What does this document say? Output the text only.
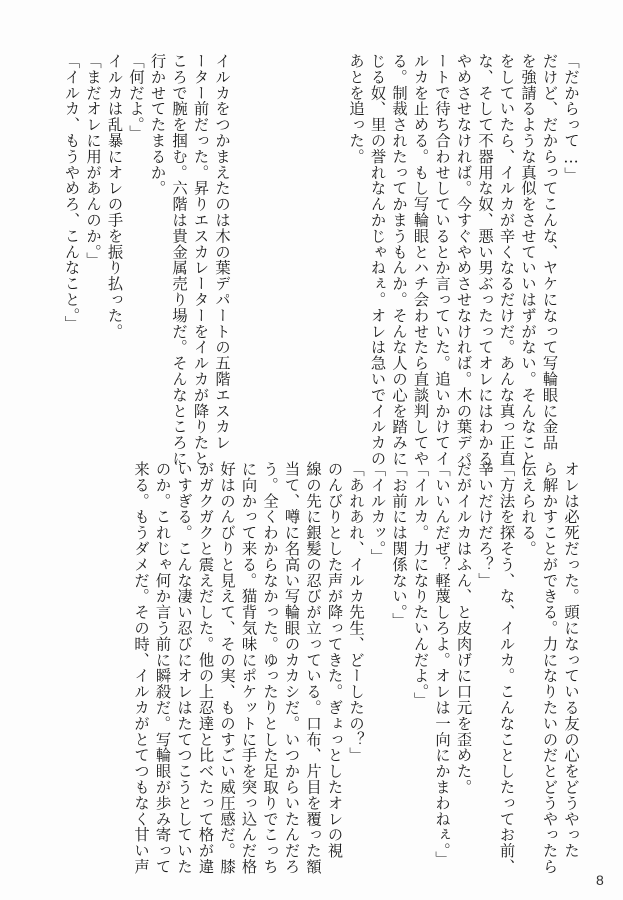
「だからって…」
だけど、だからってこんな、ヤケになって写輪眼に金品
を強請るような真似をさせていいはずがない。そんなこと
をしていたら、イルカが辛くなるだけだ。あんな真っ正直
な、そして不器用な奴、悪い男ぶったってオレにはわかる。
やめさせなければ。今すぐやめさせなければ。木の葉デパ
ートで待ち合わせしているとか言っていた。追いかけてイ
ルカを止める。もし写輪眼とハチ会わせたら直談判してや
る。制裁されたってかまうもんか。そんな人の心を踏みに
じる奴、里の誉れなんかじゃねぇ。オレは急いでイルカの
あとを追った。
イルカをつかまえたのは木の葉デパートの五階エスカレ
ーター前だった。昇りエスカレーターをイルカが降りたと
ころで腕を掴む。六階は貴金属売り場だ。そんなところに
行かせてたまるか。
「何だよ。」
イルカは乱暴にオレの手を振り払った。
「まだオレに用があんのか。」
「イルカ、もうやめろ、こんなこと。」
オレは必死だった。頭になっている友の心をどうやった
ら解かすことができる。力になりたいのだとどうやったら
伝えられる。
「方法を探そう、な、イルカ。こんなことしたってお前、
辛いだけだろ？」
だがイルカはふん、と皮肉げに口元を歪めた。
「いいんだぜ？軽蔑しろよ。オレは一向にかまわねぇ。」
「イルカ。力になりたいんだよ。」
「お前には関係ない。」
「イルカッ。」
「あれあれ、イルカ先生、どーしたの？」
のんびりとした声が降ってきた。ぎょっとしたオレの視
線の先に銀髪の忍びが立っている。口布、片目を覆った額
当て、噂に名高い写輪眼のカカシだ。いつからいたんだろ
う。全くわからなかった。ゆったりとした足取りでこっち
に向かって来る。猫背気味にポケットに手を突っ込んだ格
好はのんびりと見えて、その実、ものすごい威圧感だ。膝
がガクガクと震えだした。他の上忍達と比べたって格が違
いすぎる。こんな凄い忍びにオレはたてつこうとしていた
のか。これじゃ何か言う前に瞬殺だ。写輪眼が歩み寄って
来る。もうダメだ。その時、イルカがとてつもなく甘い声
8
